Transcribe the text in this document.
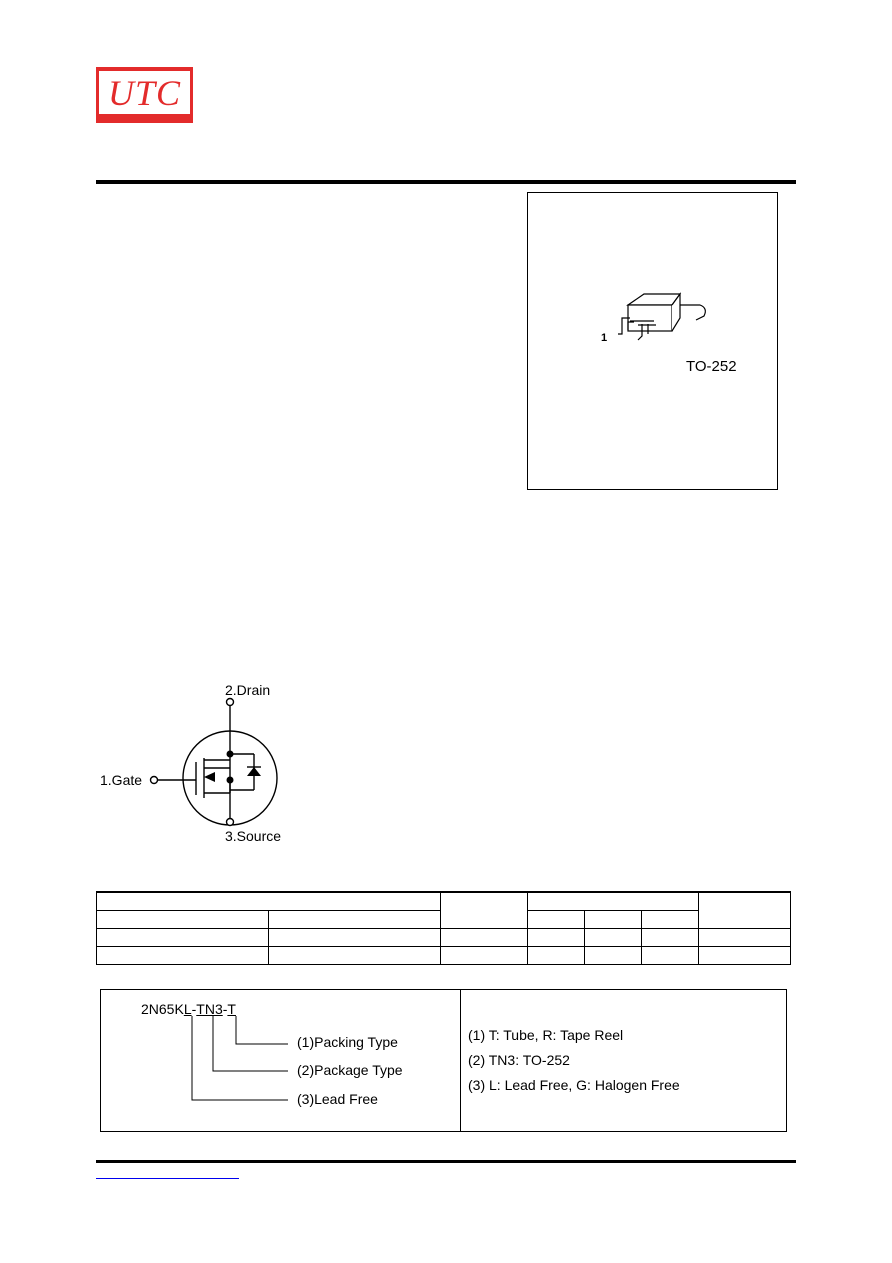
UTC
1
TO-252
2.Drain
1.Gate
3.Source

2N65KL-TN3-T
(1)Packing Type
(2)Package Type
(3)Lead Free
(1) T: Tube, R: Tape Reel
(2) TN3: TO-252
(3) L: Lead Free, G: Halogen Free
